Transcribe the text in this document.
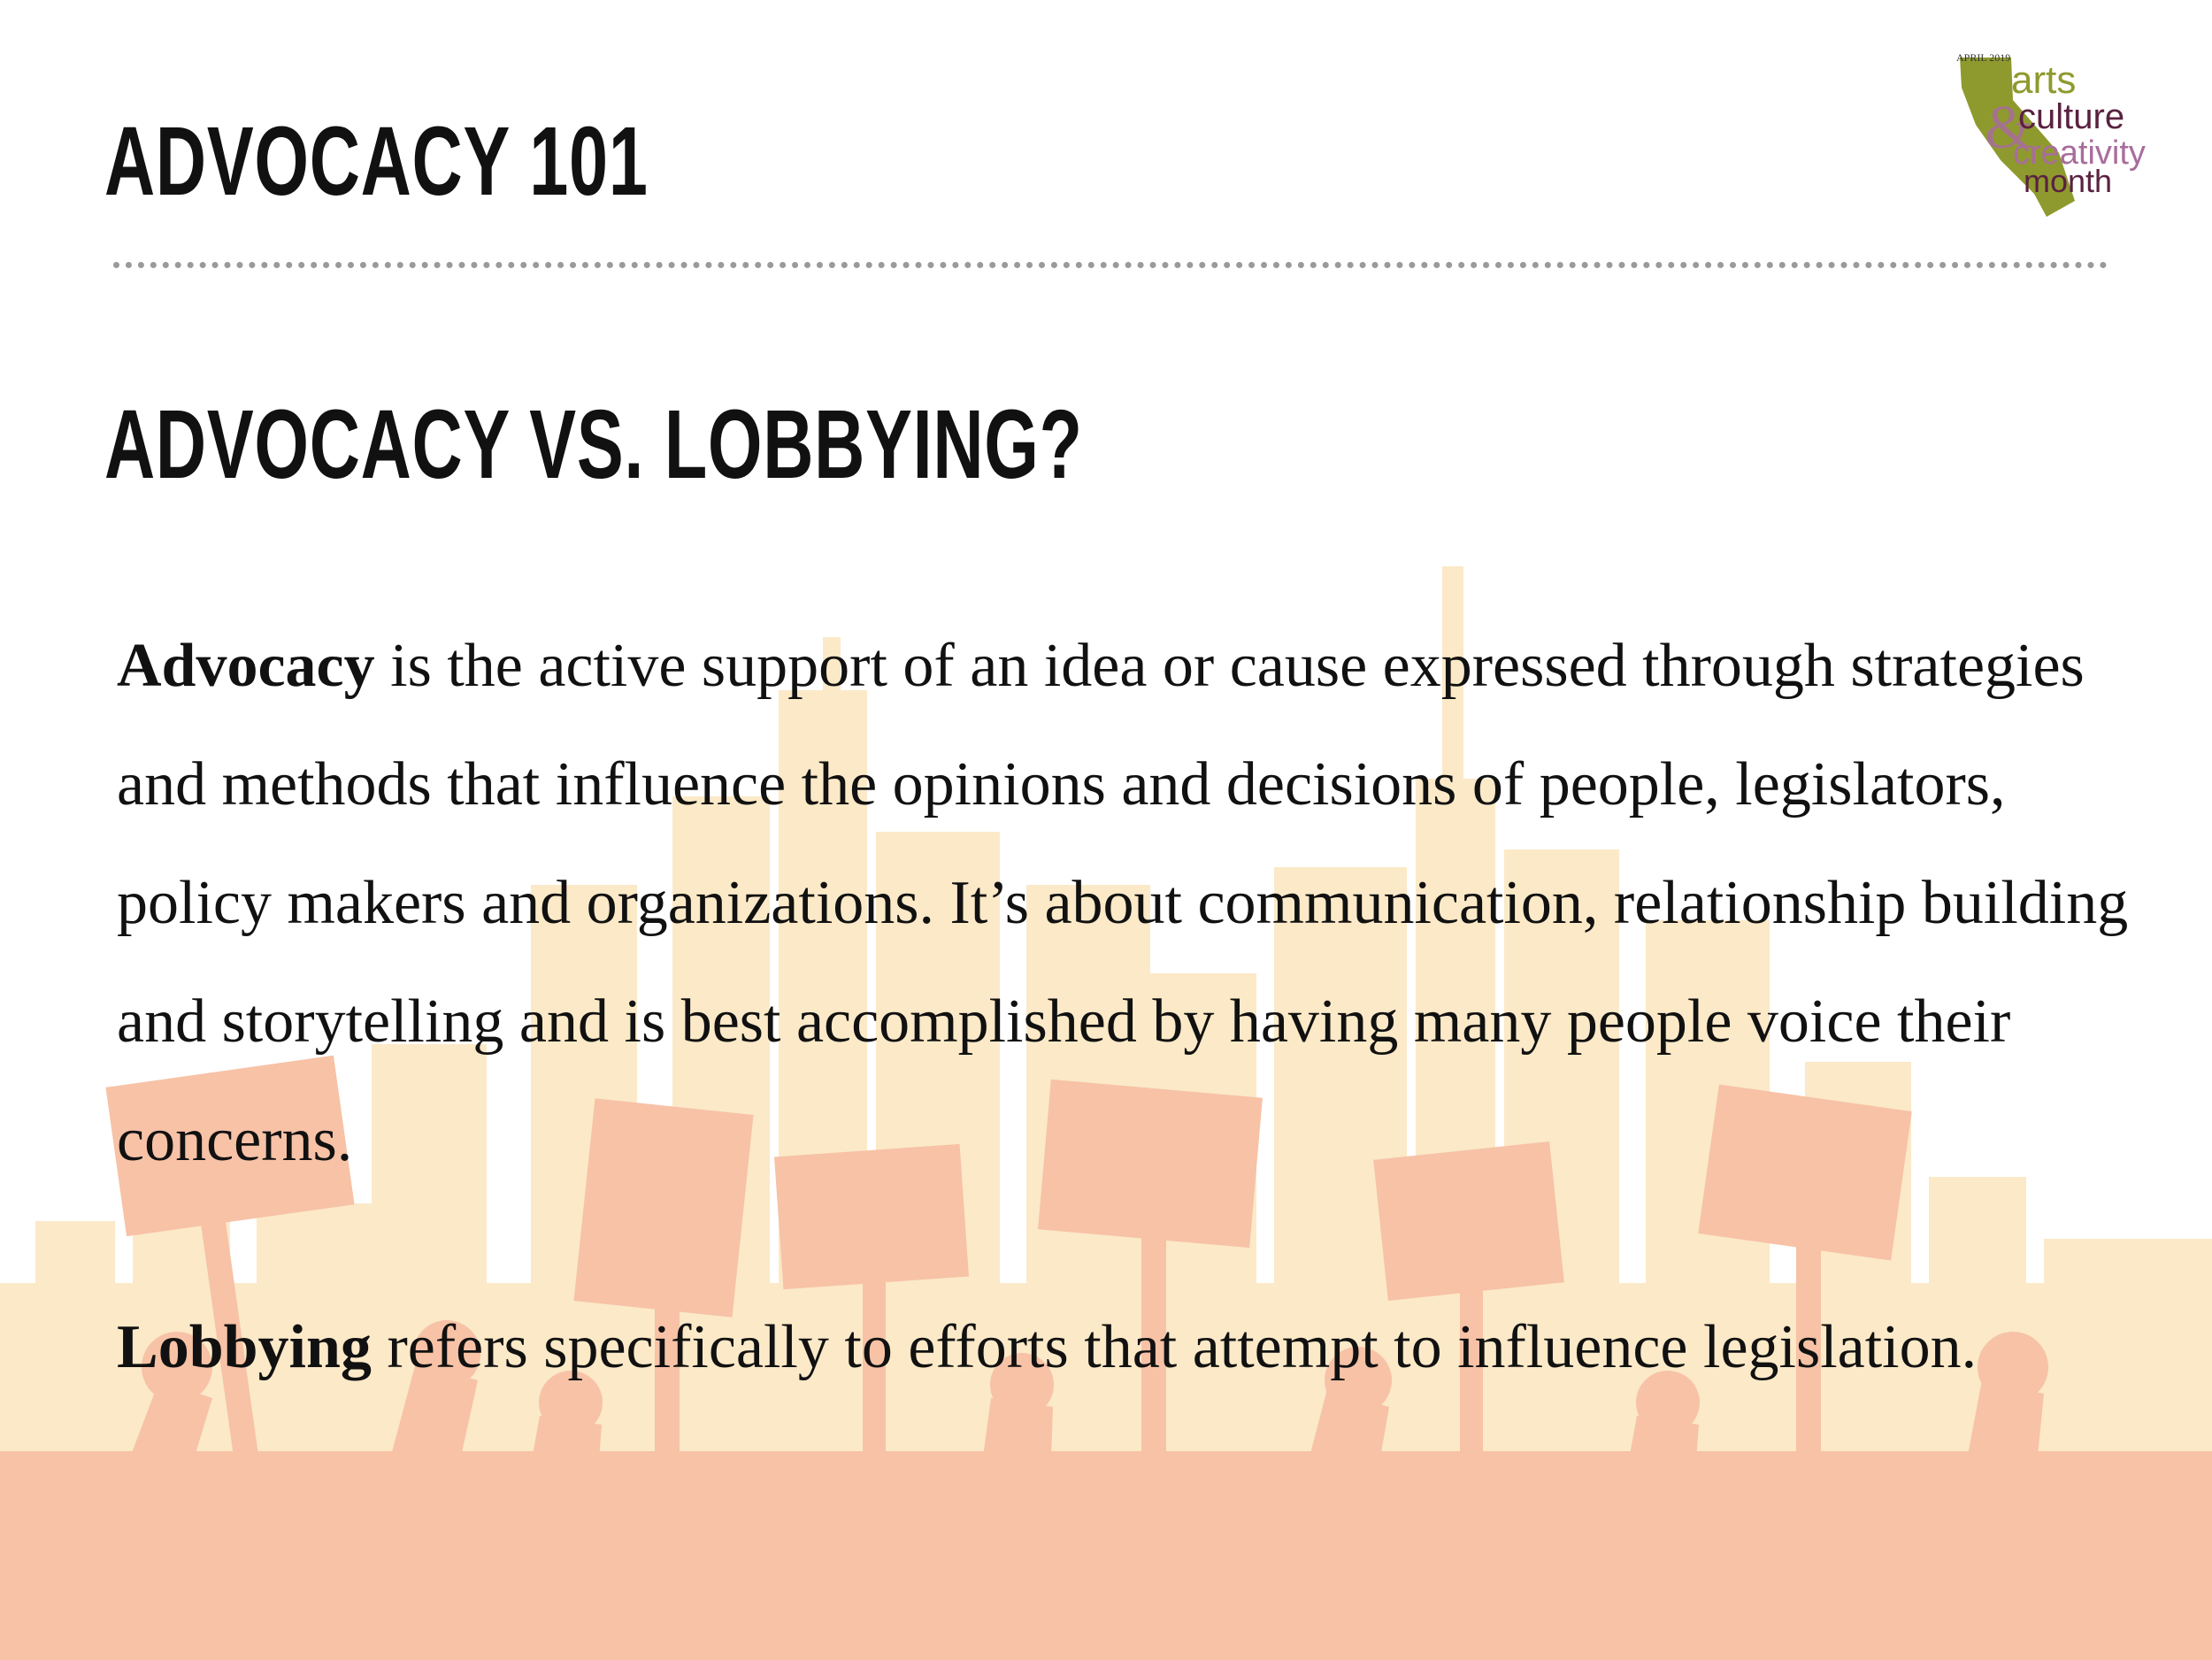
ADVOCACY 101
ADVOCACY VS. LOBBYING?

Advocacy is the active support of an idea or cause expressed through strategies and methods that influence the opinions and decisions of people, legislators, policy makers and organizations. It’s about communication, relationship building and storytelling and is best accomplished by having many people voice their concerns.

Lobbying refers specifically to efforts that attempt to influence legislation.

APRIL 2019
arts
&
culture
creativity
month
